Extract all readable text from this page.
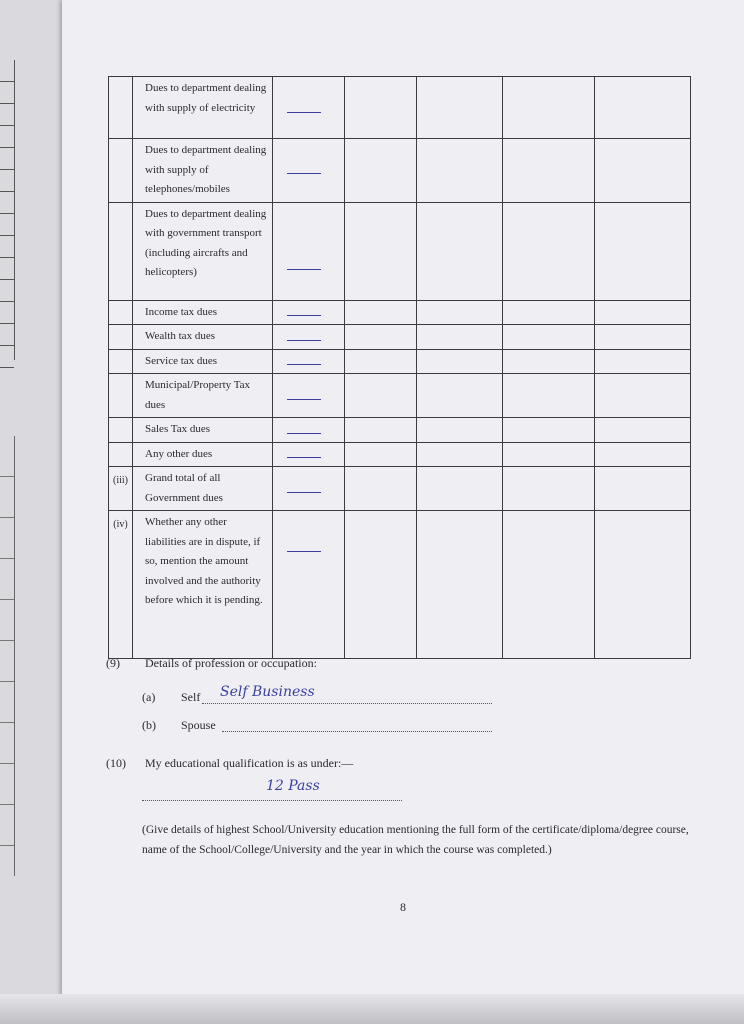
	Dues to department dealing with supply of electricity	

	Dues to department dealing with supply of telephones/mobiles	

	Dues to department dealing with government transport (including aircrafts and helicopters)	

	Income tax dues	

	Wealth tax dues	

	Service tax dues	

	Municipal/Property Tax dues	

	Sales Tax dues	

	Any other dues	

(iii)	Grand total of all Government dues	

(iv)	Whether any other liabilities are in dispute, if so, mention the amount involved and the authority before which it is pending.	

(9) Details of profession or occupation:
(a) Self Self Business
(b) Spouse
(10) My educational qualification is as under:—
12 Pass
(Give details of highest School/University education mentioning the full form of the certificate/diploma/degree course, name of the School/College/University and the year in which the course was completed.)
8
